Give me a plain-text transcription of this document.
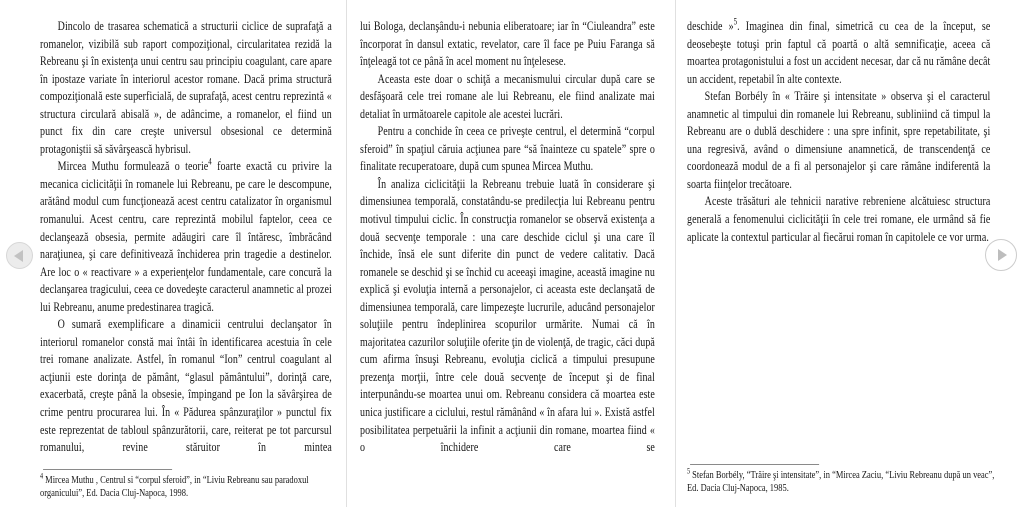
Dincolo de trasarea schematică a structurii ciclice de suprafaţă a romanelor, vizibilă sub raport compoziţional, circularitatea rezidă la Rebreanu şi în existenţa unui centru sau principiu coagulant, care apare în ipostaze variate în interiorul acestor romane. Dacă prima structură compoziţională este superficială, de suprafaţă, acest centru reprezintă « structura circulară abisală », de adâncime, a romanelor, el fiind un punct fix din care creşte universul obsesional ce determină protagoniştii să săvârşească hybrisul.

Mircea Muthu formulează o teorie$^4$ foarte exactă cu privire la mecanica ciclicităţii în romanele lui Rebreanu, pe care le descompune, arătând modul cum funcţionează acest centru catalizator în organismul romanului. Acest centru, care reprezintă mobilul faptelor, ceea ce declanşează obsesia, permite adăugiri care îl întăresc, îmbrăcând naraţiunea, şi care definitivează închiderea prin tragedie a destinelor. Are loc o « reactivare » a experienţelor fundamentale, care concură la declanşarea tragicului, ceea ce dovedeşte caracterul anamnetic al prozei lui Rebreanu, anume predestinarea tragică.

O sumară exemplificare a dinamicii centrului declanşator în interiorul romanelor constă mai întâi în identificarea acestuia în cele trei romane analizate. Astfel, în romanul “Ion” centrul coagulant al acţiunii este dorinţa de pământ, “glasul pământului”, dorinţă care, exacerbată, creşte până la obsesie, împingand pe Ion la săvârşirea de crime pentru procurarea lui. În « Pădurea spânzuraţilor » punctul fix este reprezentat de tabloul spânzurătorii, care, reiterat pe tot parcursul romanului, revine stăruitor în mintea

lui Bologa, declanşându-i nebunia eliberatoare; iar în “Ciuleandra” este încorporat în dansul extatic, revelator, care îl face pe Puiu Faranga să înţeleagă tot ce până în acel moment nu înţelesese.

Aceasta este doar o schiţă a mecanismului circular după care se desfăşoară cele trei romane ale lui Rebreanu, ele fiind analizate mai detaliat în următoarele capitole ale acestei lucrări.

Pentru a conchide în ceea ce priveşte centrul, el determină “corpul sferoid” în spaţiul căruia acţiunea pare “să înainteze cu spatele” spre o finalitate recuperatoare, după cum spunea Mircea Muthu.

În analiza ciclicităţii la Rebreanu trebuie luată în considerare şi dimensiunea temporală, constatându-se predilecţia lui Rebreanu pentru motivul timpului ciclic. În construcţia romanelor se observă existenţa a două secvenţe temporale : una care deschide ciclul şi una care îl închide, însă ele sunt diferite din punct de vedere calitativ. Dacă romanele se deschid şi se închid cu aceeaşi imagine, această imagine nu explică şi evoluţia internă a personajelor, ci aceasta este declanşată de dimensiunea temporală, care limpezeşte lucrurile, aducând personajelor soluţiile pentru îndeplinirea scopurilor urmărite. Numai că în majoritatea cazurilor soluţiile oferite ţin de violenţă, de tragic, căci după cum afirma însuşi Rebreanu, evoluţia ciclică a timpului presupune prezenţa morţii, între cele două secvenţe de început şi de final interpunându-se moartea unui om. Rebreanu considera că moartea este unica justificare a ciclului, restul rămânând « în afara lui ». Există astfel posibilitatea perpetuării la infinit a acţiunii din romane, moartea fiind « o închidere care se

deschide »$^5$. Imaginea din final, simetrică cu cea de la început, se deosebeşte totuşi prin faptul că poartă o altă semnificaţie, aceea că moartea protagonistului a fost un accident necesar, dar că nu rămâne decât un accident, repetabil în alte contexte.

Stefan Borbély în « Trăire şi intensitate » observa şi el caracterul anamnetic al timpului din romanele lui Rebreanu, subliniind că timpul la Rebreanu are o dublă deschidere : una spre infinit, spre repetabilitate, şi una regresivă, având o dimensiune anamnetică, de transcendenţă ce coordonează modul de a fi al personajelor şi care rămâne indiferentă la soarta fiinţelor trecătoare.

Aceste trăsături ale tehnicii narative rebreniene alcătuiesc structura generală a fenomenului ciclicităţii în cele trei romane, ele urmând să fie aplicate la contextul particular al fiecărui roman în capitolele ce vor urma.

$^4$ Mircea Muthu , Centrul si “corpul sferoid”, in “Liviu Rebreanu sau paradoxul organicului”, Ed. Dacia Cluj-Napoca, 1998.

$^5$ Stefan Borbély, “Trăire şi intensitate”, in “Mircea Zaciu, “Liviu Rebreanu după un veac”, Ed. Dacia Cluj-Napoca, 1985.
